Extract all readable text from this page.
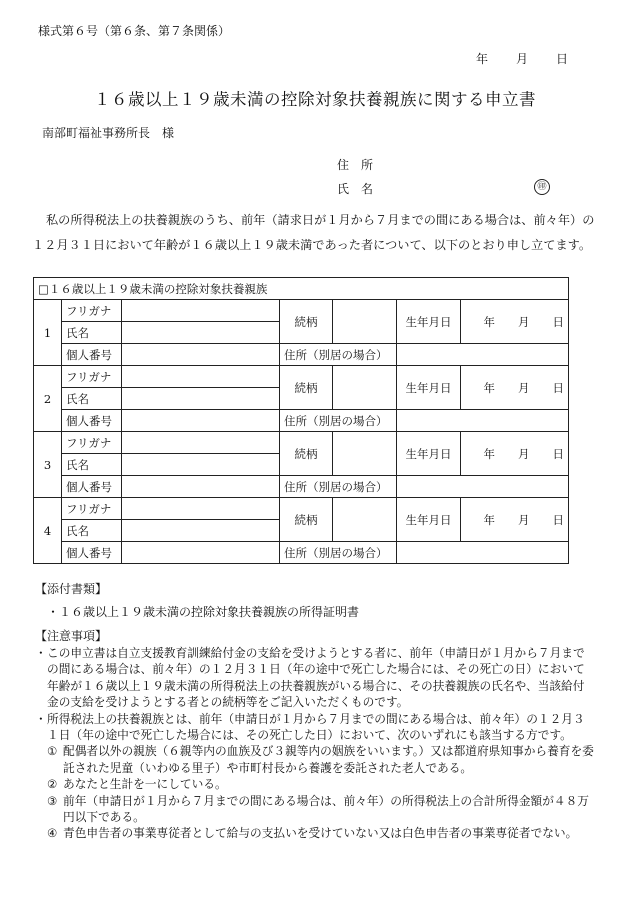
様式第６号（第６条、第７条関係）
年 月 日
１６歳以上１９歳未満の控除対象扶養親族に関する申立書
南部町福祉事務所長　様
住　所
氏　名	㊞
私の所得税法上の扶養親族のうち、前年（請求日が１月から７月までの間にある場合は、前々年）の１２月３１日において年齢が１６歳以上１９歳未満であった者について、以下のとおり申し立てます。
□１６歳以上１９歳未満の控除対象扶養親族						
1	フリガナ		続柄		生年月日	年　　月　　日
	氏名					
	個人番号		住所（別居の場合）			
2	フリガナ		続柄		生年月日	年　　月　　日
	氏名					
	個人番号		住所（別居の場合）			
3	フリガナ		続柄		生年月日	年　　月　　日
	氏名					
	個人番号		住所（別居の場合）			
4	フリガナ		続柄		生年月日	年　　月　　日
	氏名					
	個人番号		住所（別居の場合）			
【添付書類】
・１６歳以上１９歳未満の控除対象扶養親族の所得証明書
【注意事項】
・ この申立書は自立支援教育訓練給付金の支給を受けようとする者に、前年（申請日が１月から７月までの間にある場合は、前々年）の１２月３１日（年の途中で死亡した場合には、その死亡の日）において年齢が１６歳以上１９歳未満の所得税法上の扶養親族がいる場合に、その扶養親族の氏名や、当該給付金の支給を受けようとする者との続柄等をご記入いただくものです。
・ 所得税法上の扶養親族とは、前年（申請日が１月から７月までの間にある場合は、前々年）の１２月３１日（年の途中で死亡した場合には、その死亡した日）において、次のいずれにも該当する方です。
① 配偶者以外の親族（６親等内の血族及び３親等内の姻族をいいます。）又は都道府県知事から養育を委託された児童（いわゆる里子）や市町村長から養護を委託された老人である。
② あなたと生計を一にしている。
③ 前年（申請日が１月から７月までの間にある場合は、前々年）の所得税法上の合計所得金額が４８万円以下である。
④ 青色申告者の事業専従者として給与の支払いを受けていない又は白色申告者の事業専従者でない。
